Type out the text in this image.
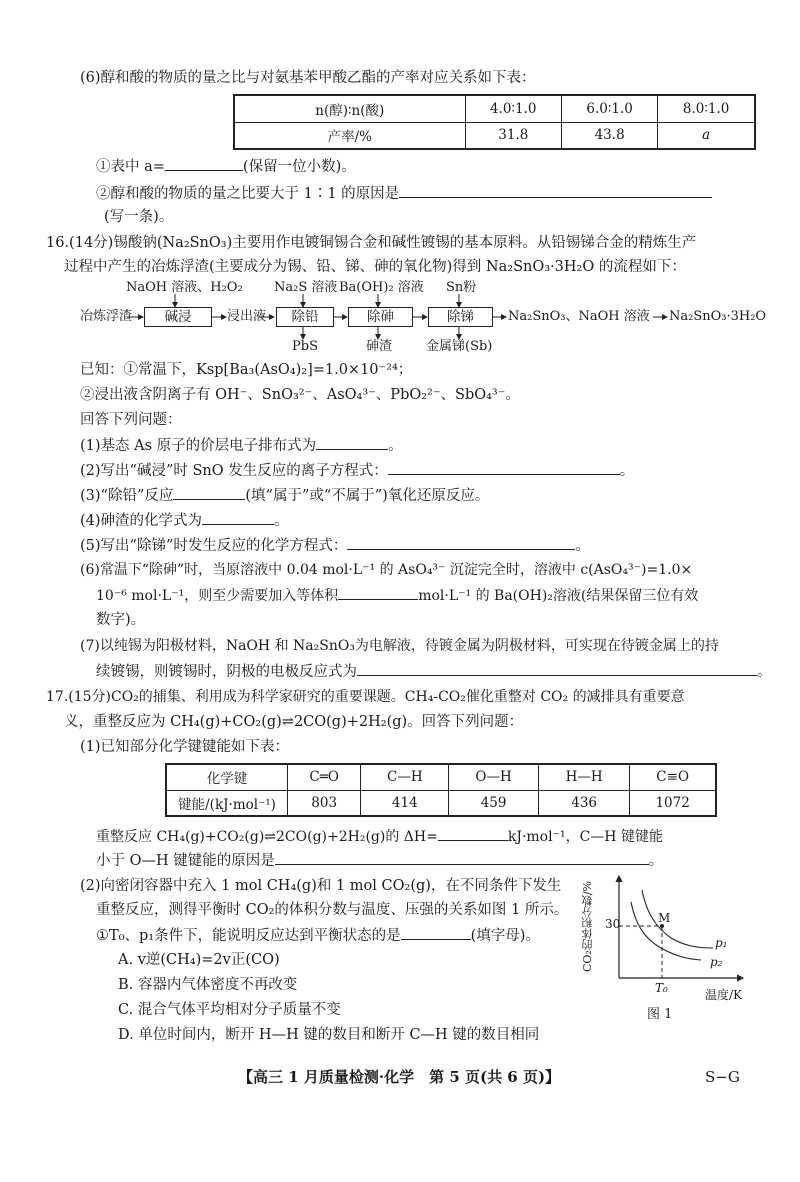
(6)醇和酸的物质的量之比与对氨基苯甲酸乙酯的产率对应关系如下表：
n(醇)∶n(酸)	4.0∶1.0	6.0∶1.0	8.0∶1.0
产率/%	31.8	43.8	a
①表中 a=	(保留一位小数)。
②醇和酸的物质的量之比要大于 1∶1 的原因是
(写一条)。
16.(14分)锡酸钠(Na₂SnO₃)主要用作电镀铜锡合金和碱性镀锡的基本原料。从铅锡锑合金的精炼生产
过程中产生的冶炼浮渣(主要成分为锡、铅、锑、砷的氧化物)得到 Na₂SnO₃·3H₂O 的流程如下：
NaOH 溶液、H₂O₂ Na₂S 溶液 Ba(OH)₂ 溶液 Sn粉
冶炼浮渣	碱浸	浸出液	除铅	除砷	除锑	Na₂SnO₃、NaOH 溶液 Na₂SnO₃·3H₂O
PbS	砷渣	金属锑(Sb)
已知：①常温下，Ksp[Ba₃(AsO₄)₂]=1.0×10⁻²⁴；
②浸出液含阴离子有 OH⁻、SnO₃²⁻、AsO₄³⁻、PbO₂²⁻、SbO₄³⁻。
回答下列问题：
(1)基态 As 原子的价层电子排布式为	。
(2)写出“碱浸”时 SnO 发生反应的离子方程式：	。
(3)“除铅”反应	(填“属于”或“不属于”)氧化还原反应。
(4)砷渣的化学式为	。
(5)写出“除锑”时发生反应的化学方程式：	。
(6)常温下“除砷”时，当原溶液中 0.04 mol·L⁻¹ 的 AsO₄³⁻ 沉淀完全时，溶液中 c(AsO₄³⁻)=1.0×
10⁻⁶ mol·L⁻¹，则至少需要加入等体积	mol·L⁻¹ 的 Ba(OH)₂溶液(结果保留三位有效
数字)。
(7)以纯锡为阳极材料，NaOH 和 Na₂SnO₃为电解液，待镀金属为阴极材料，可实现在待镀金属上的持
续镀锡，则镀锡时，阴极的电极反应式为	。
17.(15分)CO₂的捕集、利用成为科学家研究的重要课题。CH₄-CO₂催化重整对 CO₂ 的减排具有重要意
义，重整反应为 CH₄(g)+CO₂(g)⇌2CO(g)+2H₂(g)。回答下列问题：
(1)已知部分化学键键能如下表：
化学键	C═O	C—H	O—H	H—H	C≡O
键能/(kJ·mol⁻¹)	803	414	459	436	1072
重整反应 CH₄(g)+CO₂(g)⇌2CO(g)+2H₂(g)的 ΔH=	kJ·mol⁻¹，C—H 键键能
小于 O—H 键键能的原因是	。
(2)向密闭容器中充入 1 mol CH₄(g)和 1 mol CO₂(g)，在不同条件下发生
重整反应，测得平衡时 CO₂的体积分数与温度、压强的关系如图 1 所示。
①T₀、p₁条件下，能说明反应达到平衡状态的是	(填字母)。
A. v逆(CH₄)=2v正(CO)
B. 容器内气体密度不再改变
C. 混合气体平均相对分子质量不变
D. 单位时间内，断开 H—H 键的数目和断开 C—H 键的数目相同
CO₂的体积分数/% 30	M
p₁
p₂
T₀	温度/K
图 1
【高三 1 月质量检测·化学　第 5 页(共 6 页)】	S−G
